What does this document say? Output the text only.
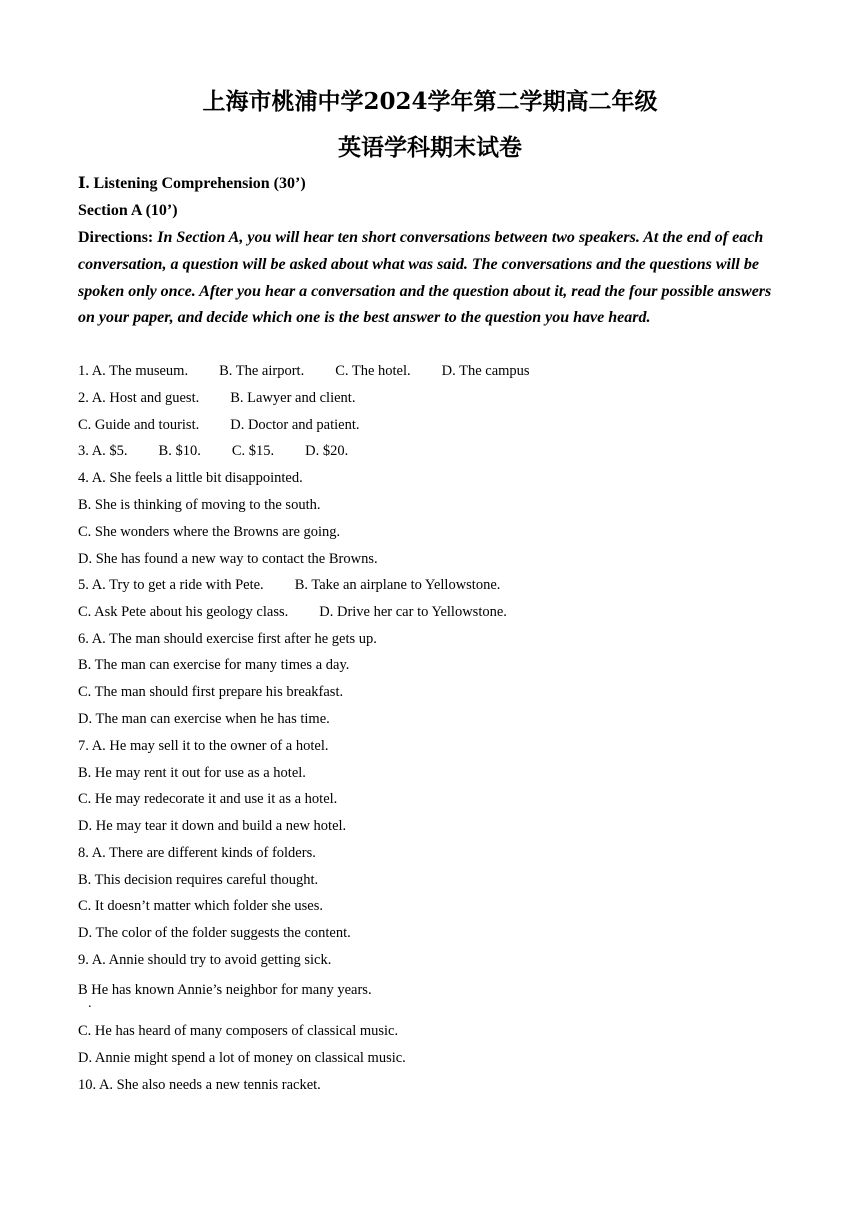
上海市桃浦中学2024学年第二学期高二年级
英语学科期末试卷
Ⅰ. Listening Comprehension (30’)
Section A (10’)
Directions: In Section A, you will hear ten short conversations between two speakers. At the end of each conversation, a question will be asked about what was said. The conversations and the questions will be spoken only once. After you hear a conversation and the question about it, read the four possible answers on your paper, and decide which one is the best answer to the question you have heard.
1. A. The museum. B. The airport. C. The hotel. D. The campus
2. A. Host and guest. B. Lawyer and client.
C. Guide and tourist. D. Doctor and patient.
3. A. $5. B. $10. C. $15. D. $20.
4. A. She feels a little bit disappointed.
B. She is thinking of moving to the south.
C. She wonders where the Browns are going.
D. She has found a new way to contact the Browns.
5. A. Try to get a ride with Pete. B. Take an airplane to Yellowstone.
C. Ask Pete about his geology class. D. Drive her car to Yellowstone.
6. A. The man should exercise first after he gets up.
B. The man can exercise for many times a day.
C. The man should first prepare his breakfast.
D. The man can exercise when he has time.
7. A. He may sell it to the owner of a hotel.
B. He may rent it out for use as a hotel.
C. He may redecorate it and use it as a hotel.
D. He may tear it down and build a new hotel.
8. A. There are different kinds of folders.
B. This decision requires careful thought.
C. It doesn’t matter which folder she uses.
D. The color of the folder suggests the content.
9. A. Annie should try to avoid getting sick.
B He has known Annie’s neighbor for many years.
.
C. He has heard of many composers of classical music.
D. Annie might spend a lot of money on classical music.
10. A. She also needs a new tennis racket.
